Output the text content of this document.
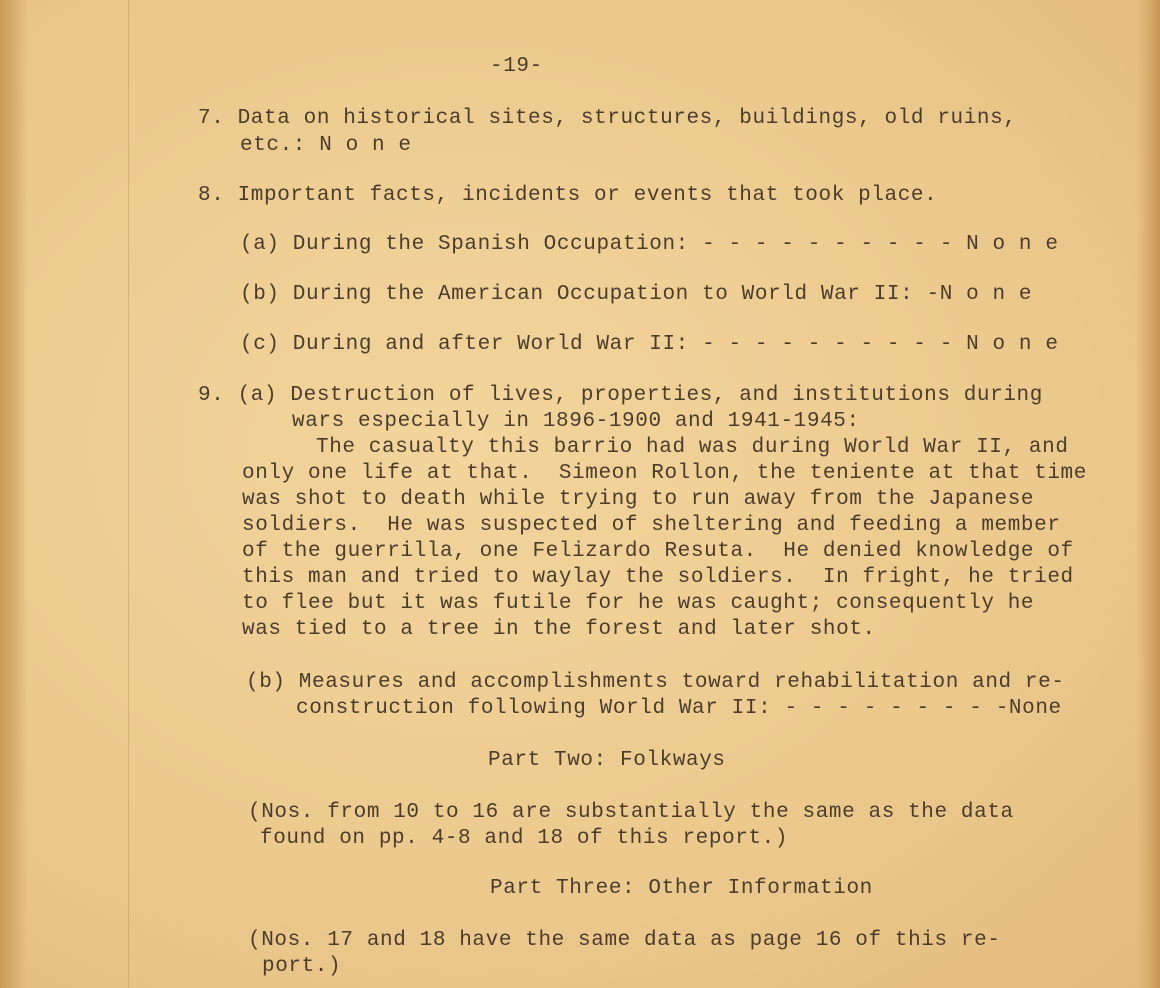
-19-
7. Data on historical sites, structures, buildings, old ruins,
etc.: N o n e
8. Important facts, incidents or events that took place.
(a) During the Spanish Occupation: - - - - - - - - - - N o n e
(b) During the American Occupation to World War II: -N o n e
(c) During and after World War II: - - - - - - - - - - N o n e
9. (a) Destruction of lives, properties, and institutions during
wars especially in 1896-1900 and 1941-1945:
The casualty this barrio had was during World War II, and
only one life at that.  Simeon Rollon, the teniente at that time
was shot to death while trying to run away from the Japanese
soldiers.  He was suspected of sheltering and feeding a member
of the guerrilla, one Felizardo Resuta.  He denied knowledge of
this man and tried to waylay the soldiers.  In fright, he tried
to flee but it was futile for he was caught; consequently he
was tied to a tree in the forest and later shot.
(b) Measures and accomplishments toward rehabilitation and re-
construction following World War II: - - - - - - - - -None
Part Two: Folkways
(Nos. from 10 to 16 are substantially the same as the data
found on pp. 4-8 and 18 of this report.)
Part Three: Other Information
(Nos. 17 and 18 have the same data as page 16 of this re-
port.)
